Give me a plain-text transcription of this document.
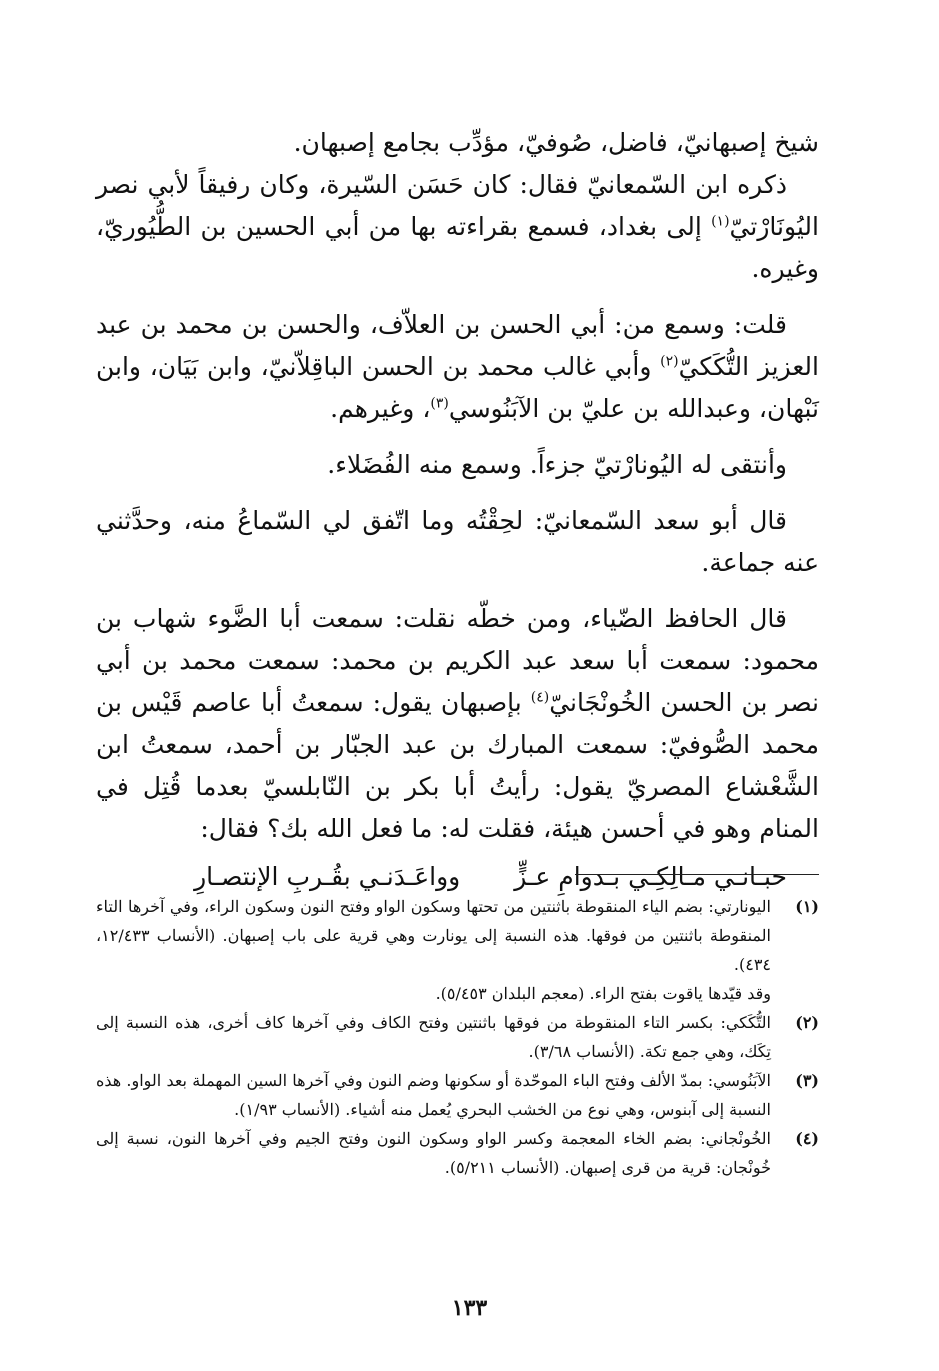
شيخ إصبهانيّ، فاضل، صُوفيّ، مؤدِّب بجامع إصبهان.

ذكره ابن السّمعانيّ فقال: كان حَسَن السّيرة، وكان رفيقاً لأبي نصر اليُونَارْتيّ$^{(١)}$ إلى بغداد، فسمع بقراءته بها من أبي الحسين بن الطُّيُوريّ، وغيره.

قلت: وسمع من: أبي الحسن بن العلاّف، والحسن بن محمد بن عبد العزيز التُّكَكيّ$^{(٢)}$ وأبي غالب محمد بن الحسن الباقِلاّنيّ، وابن بَيَان، وابن نَبْهان، وعبدالله بن عليّ بن الآبَنُوسي$^{(٣)}$، وغيرهم.

وأنتقى له اليُونارْتيّ جزءاً. وسمع منه الفُضَلاء.

قال أبو سعد السّمعانيّ: لحِقْتُه وما اتّفق لي السّماعُ منه، وحدَّثني عنه جماعة.

قال الحافظ الضّياء، ومن خطّه نقلت: سمعت أبا الضَّوء شهاب بن محمود: سمعت أبا سعد عبد الكريم بن محمد: سمعت محمد بن أبي نصر بن الحسن الخُونْجَانيّ$^{(٤)}$ بإصبهان يقول: سمعتُ أبا عاصم قَيْس بن محمد الصُّوفيّ: سمعت المبارك بن عبد الجبّار بن أحمد، سمعتُ ابن الشَّعْشاع المصريّ يقول: رأيتُ أبا بكر بن النّابلسيّ بعدما قُتِل في المنام وهو في أحسن هيئة، فقلت له: ما فعل الله بك؟ فقال:

حبـانـي مـالِكِـي بـدوامِ عـزٍّ
وواعَـدَنـي بقُـربِ الإنتصـارِ
(١)
اليونارتي: بضم الياء المنقوطة باثنتين من تحتها وسكون الواو وفتح النون وسكون الراء، وفي آخرها التاء المنقوطة باثنتين من فوقها. هذه النسبة إلى يونارت وهي قرية على باب إصبهان. (الأنساب ١٢/٤٣٣، ٤٣٤).

وقد قيّدها ياقوت بفتح الراء. (معجم البلدان ٥/٤٥٣).

(٢)
التُّكَكي: بكسر التاء المنقوطة من فوقها باثنتين وفتح الكاف وفي آخرها كاف أخرى، هذه النسبة إلى تِكَك، وهي جمع تكة. (الأنساب ٣/٦٨).
(٣)
الآبَنُوسي: بمدّ الألف وفتح الباء الموحّدة أو سكونها وضم النون وفي آخرها السين المهملة بعد الواو. هذه النسبة إلى آبنوس، وهي نوع من الخشب البحري يُعمل منه أشياء. (الأنساب ١/٩٣).
(٤)
الخُونْجاني: بضم الخاء المعجمة وكسر الواو وسكون النون وفتح الجيم وفي آخرها النون، نسبة إلى خُونْجان: قرية من قرى إصبهان. (الأنساب ٥/٢١١).
١٣٣
